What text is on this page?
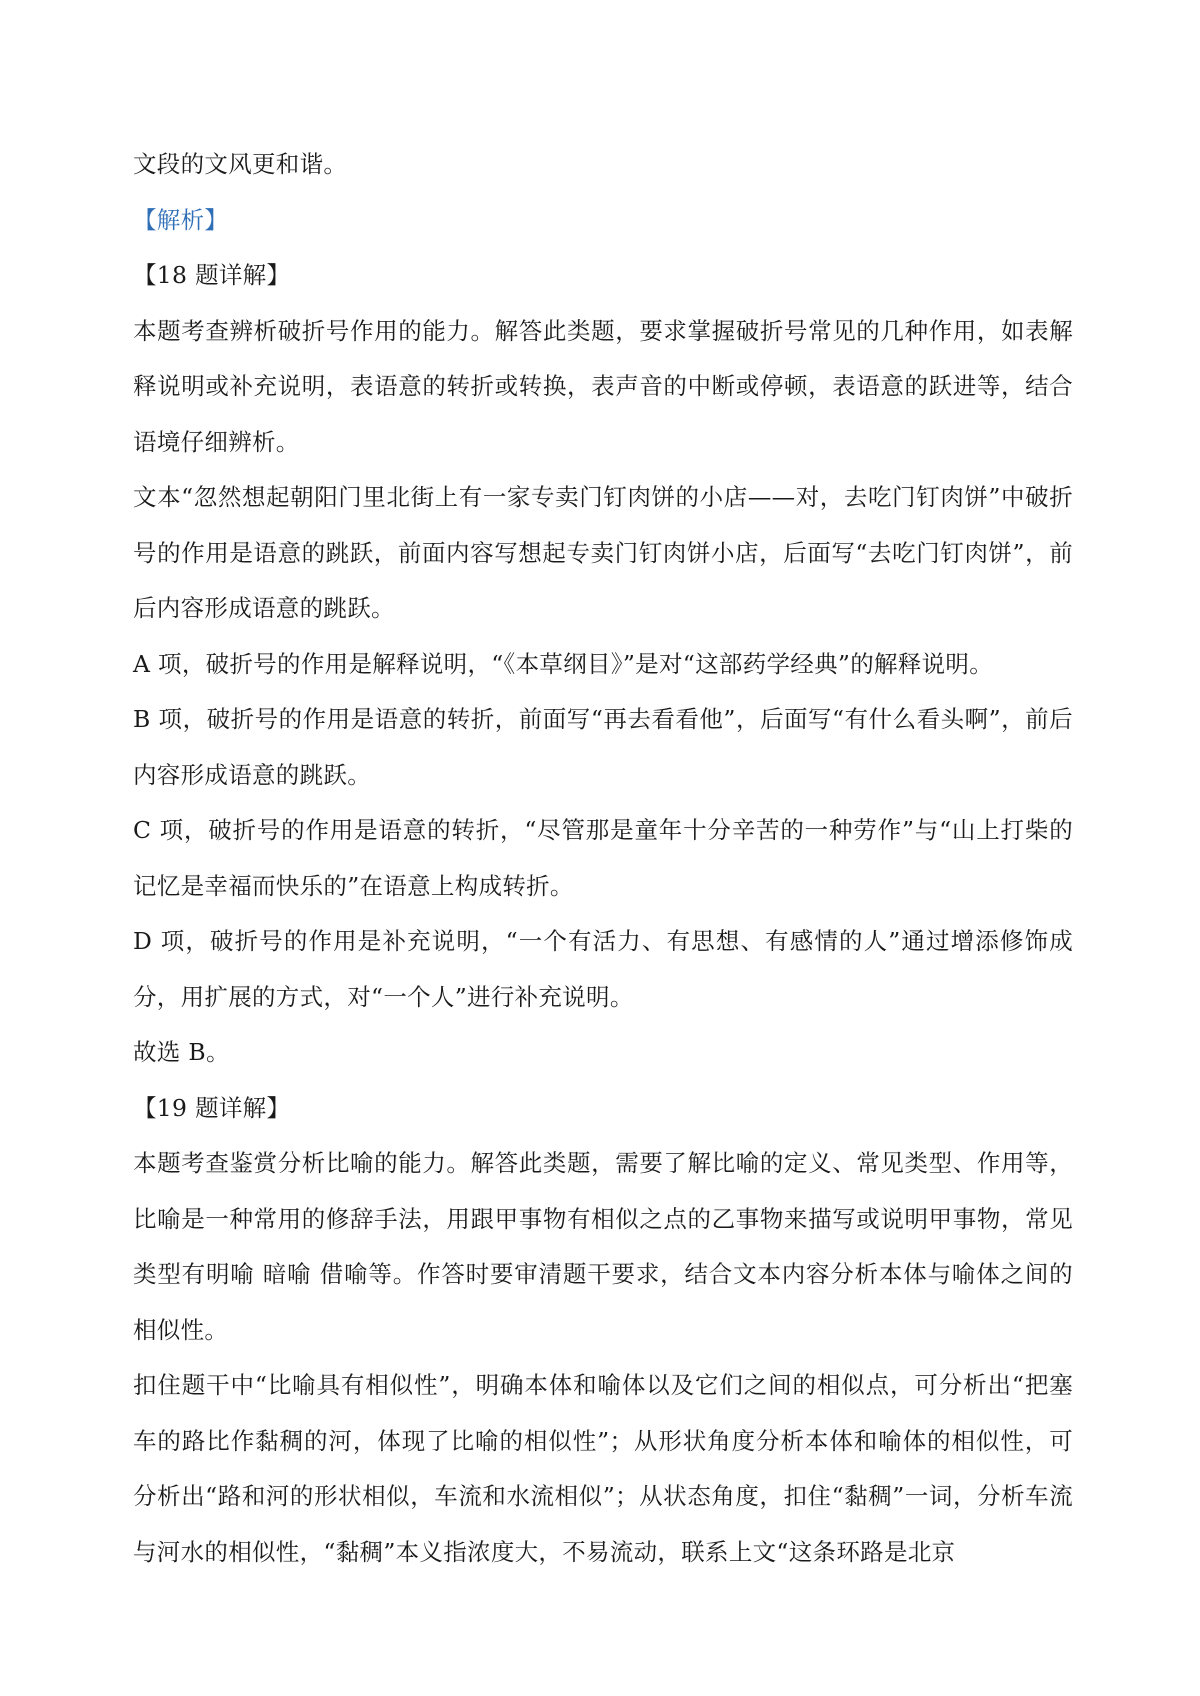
文段的文风更和谐。

【解析】

【18 题详解】

本题考查辨析破折号作用的能力。解答此类题，要求掌握破折号常见的几种作用，如表解释说明或补充说明，表语意的转折或转换，表声音的中断或停顿，表语意的跃进等，结合语境仔细辨析。

文本“忽然想起朝阳门里北街上有一家专卖门钉肉饼的小店——对，去吃门钉肉饼”中破折号的作用是语意的跳跃，前面内容写想起专卖门钉肉饼小店，后面写“去吃门钉肉饼”，前后内容形成语意的跳跃。

A 项，破折号的作用是解释说明，“《本草纲目》”是对“这部药学经典”的解释说明。

B 项，破折号的作用是语意的转折，前面写“再去看看他”，后面写“有什么看头啊”，前后内容形成语意的跳跃。

C 项，破折号的作用是语意的转折，“尽管那是童年十分辛苦的一种劳作”与“山上打柴的记忆是幸福而快乐的”在语意上构成转折。

D 项，破折号的作用是补充说明，“一个有活力、有思想、有感情的人”通过增添修饰成分，用扩展的方式，对“一个人”进行补充说明。

故选 B。

【19 题详解】

本题考查鉴赏分析比喻的能力。解答此类题，需要了解比喻的定义、常见类型、作用等，比喻是一种常用的修辞手法，用跟甲事物有相似之点的乙事物来描写或说明甲事物，常见类型有明喻 暗喻 借喻等。作答时要审清题干要求，结合文本内容分析本体与喻体之间的相似性。

扣住题干中“比喻具有相似性”，明确本体和喻体以及它们之间的相似点，可分析出“把塞车的路比作黏稠的河，体现了比喻的相似性”；从形状角度分析本体和喻体的相似性，可分析出“路和河的形状相似，车流和水流相似”；从状态角度，扣住“黏稠”一词，分析车流与河水的相似性，“黏稠”本义指浓度大，不易流动，联系上文“这条环路是北京
